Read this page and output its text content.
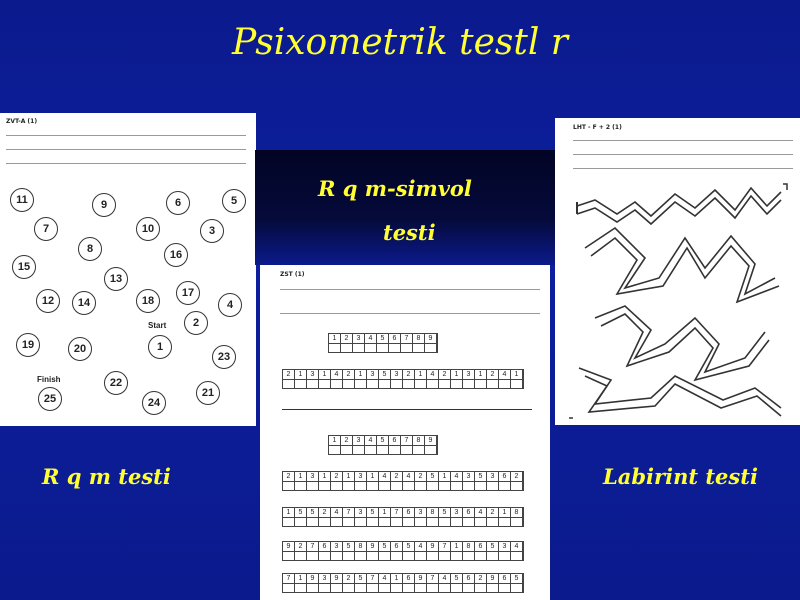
Psixometrik testl r
ZVT-A (1)
11	9	6	5
7	10	3
8	16
15
13
12	14	18
17
4
2
19	20	1
23
22
24
21
25
Start
Finish
R q m testi
R q m-simvol
testi
ZST (1)
1	2	3	4	5	6	7	8	9
1	2	3	4	5	6	7	8	9
2	1	3	1	4	2	1	3	5	3	2	1	4	2	1	3	1	2	4	1
2	1	3	1	2	1	3	1	4	2	4	2	5	1	4	3	5	3	6	2
1	5	5	2	4	7	3	5	1	7	6	3	8	5	3	6	4	2	1	8
9	2	7	6	3	5	8	9	5	6	5	4	9	7	1	8	6	5	3	4
7	1	9	3	9	2	5	7	4	1	6	9	7	4	5	6	2	9	6	5
LHT - F + 2 (1)
Labirint testi
